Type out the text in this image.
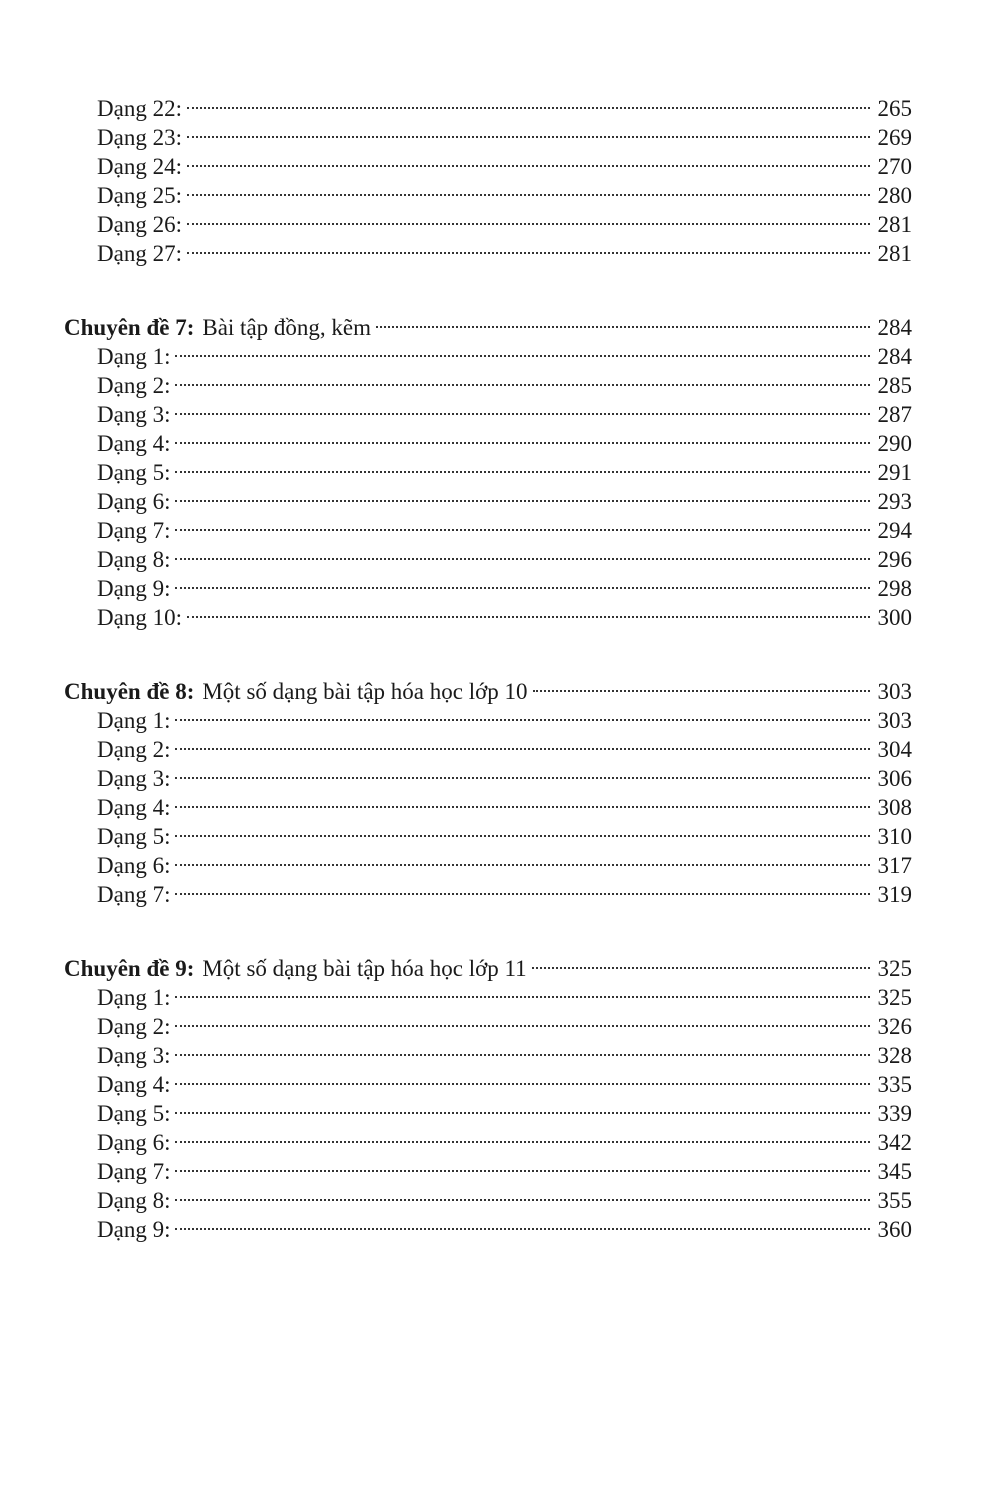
Dạng 22:	265
Dạng 23:	269
Dạng 24:	270
Dạng 25:	280
Dạng 26:	281
Dạng 27:	281
Chuyên đề 7: Bài tập đồng, kẽm	284
Dạng 1:	284
Dạng 2:	285
Dạng 3:	287
Dạng 4:	290
Dạng 5:	291
Dạng 6:	293
Dạng 7:	294
Dạng 8:	296
Dạng 9:	298
Dạng 10:	300
Chuyên đề 8: Một số dạng bài tập hóa học lớp 10	303
Dạng 1:	303
Dạng 2:	304
Dạng 3:	306
Dạng 4:	308
Dạng 5:	310
Dạng 6:	317
Dạng 7:	319
Chuyên đề 9: Một số dạng bài tập hóa học lớp 11	325
Dạng 1:	325
Dạng 2:	326
Dạng 3:	328
Dạng 4:	335
Dạng 5:	339
Dạng 6:	342
Dạng 7:	345
Dạng 8:	355
Dạng 9:	360
